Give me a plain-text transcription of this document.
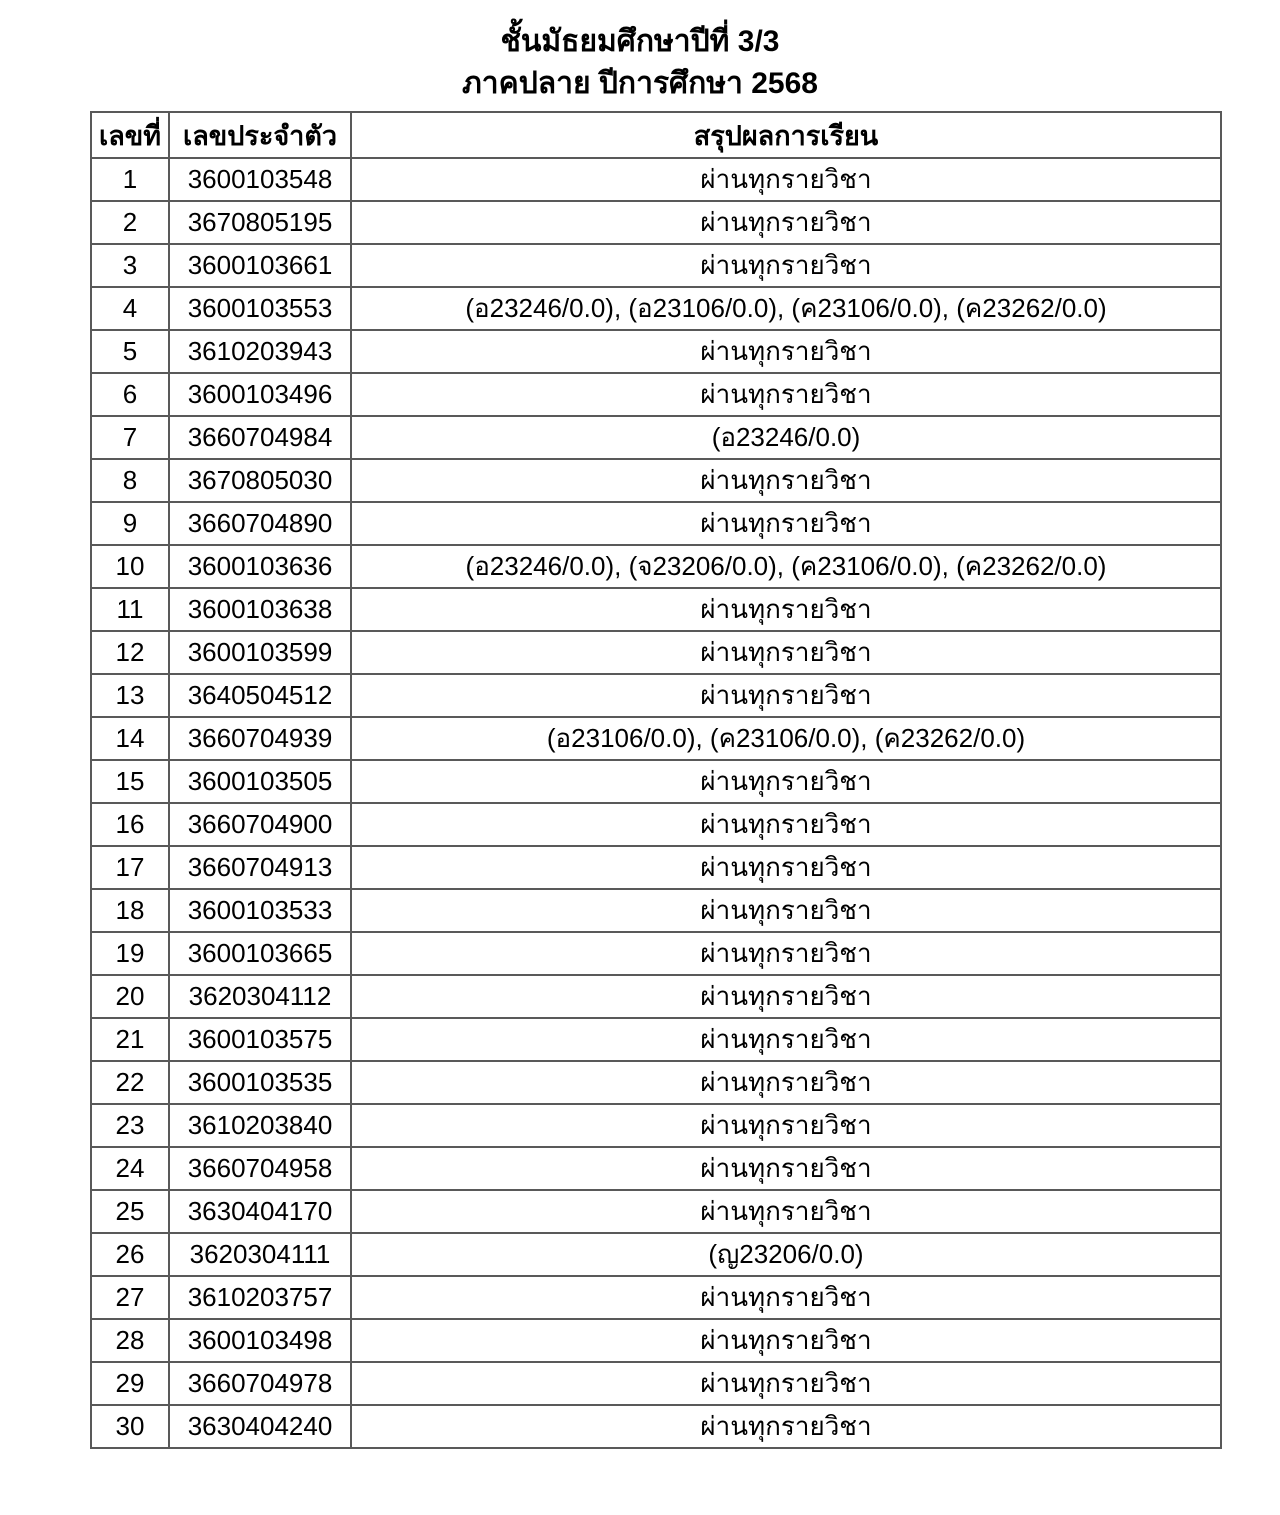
ชั้นมัธยมศึกษาปีที่ 3/3
ภาคปลาย ปีการศึกษา 2568
เลขที่	เลขประจำตัว	สรุปผลการเรียน
1	3600103548	ผ่านทุกรายวิชา
2	3670805195	ผ่านทุกรายวิชา
3	3600103661	ผ่านทุกรายวิชา
4	3600103553	(อ23246/0.0), (อ23106/0.0), (ค23106/0.0), (ค23262/0.0)
5	3610203943	ผ่านทุกรายวิชา
6	3600103496	ผ่านทุกรายวิชา
7	3660704984	(อ23246/0.0)
8	3670805030	ผ่านทุกรายวิชา
9	3660704890	ผ่านทุกรายวิชา
10	3600103636	(อ23246/0.0), (จ23206/0.0), (ค23106/0.0), (ค23262/0.0)
11	3600103638	ผ่านทุกรายวิชา
12	3600103599	ผ่านทุกรายวิชา
13	3640504512	ผ่านทุกรายวิชา
14	3660704939	(อ23106/0.0), (ค23106/0.0), (ค23262/0.0)
15	3600103505	ผ่านทุกรายวิชา
16	3660704900	ผ่านทุกรายวิชา
17	3660704913	ผ่านทุกรายวิชา
18	3600103533	ผ่านทุกรายวิชา
19	3600103665	ผ่านทุกรายวิชา
20	3620304112	ผ่านทุกรายวิชา
21	3600103575	ผ่านทุกรายวิชา
22	3600103535	ผ่านทุกรายวิชา
23	3610203840	ผ่านทุกรายวิชา
24	3660704958	ผ่านทุกรายวิชา
25	3630404170	ผ่านทุกรายวิชา
26	3620304111	(ญ23206/0.0)
27	3610203757	ผ่านทุกรายวิชา
28	3600103498	ผ่านทุกรายวิชา
29	3660704978	ผ่านทุกรายวิชา
30	3630404240	ผ่านทุกรายวิชา
